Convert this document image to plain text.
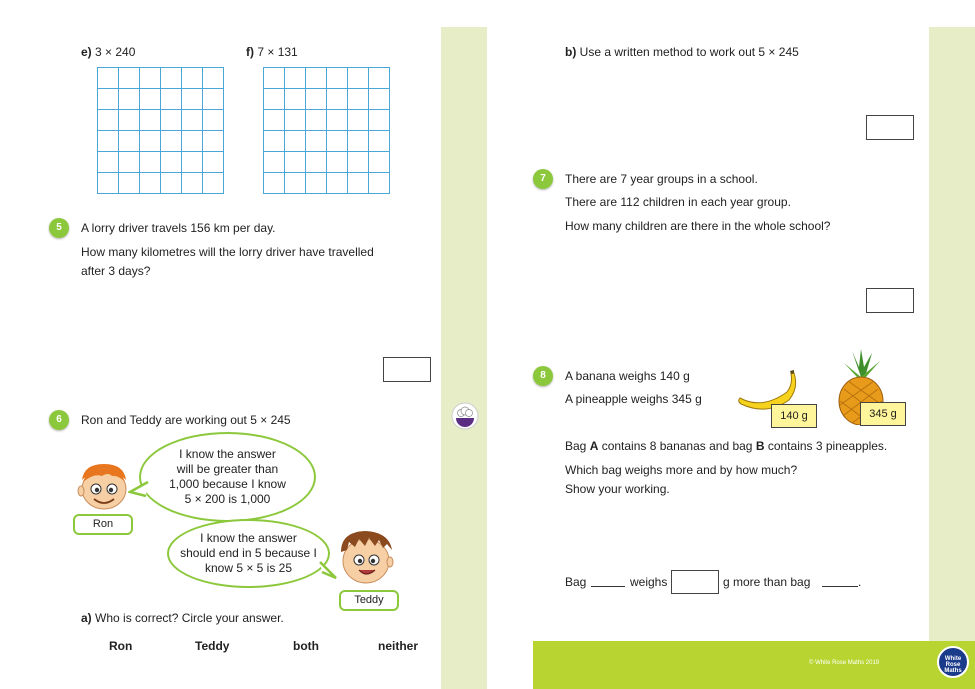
e) 3 × 240	f) 7 × 131
5	A lorry driver travels 156 km per day.
How many kilometres will the lorry driver have travelled
after 3 days?
6	Ron and Teddy are working out 5 × 245
Ron
I know the answer
will be greater than
1,000 because I know
5 × 200 is 1,000
I know the answer
should end in 5 because I
know 5 × 5 is 25
Teddy
a) Who is correct? Circle your answer.
Ron	Teddy	both	neither
b) Use a written method to work out 5 × 245
7	There are 7 year groups in a school.
There are 112 children in each year group.
How many children are there in the whole school?
8	A banana weighs 140 g
A pineapple weighs 345 g
140 g	345 g
Bag A contains 8 bananas and bag B contains 3 pineapples.
Which bag weighs more and by how much?
Show your working.
Bag	weighs	g more than bag	.
© White Rose Maths 2019
White
Rose
Maths
